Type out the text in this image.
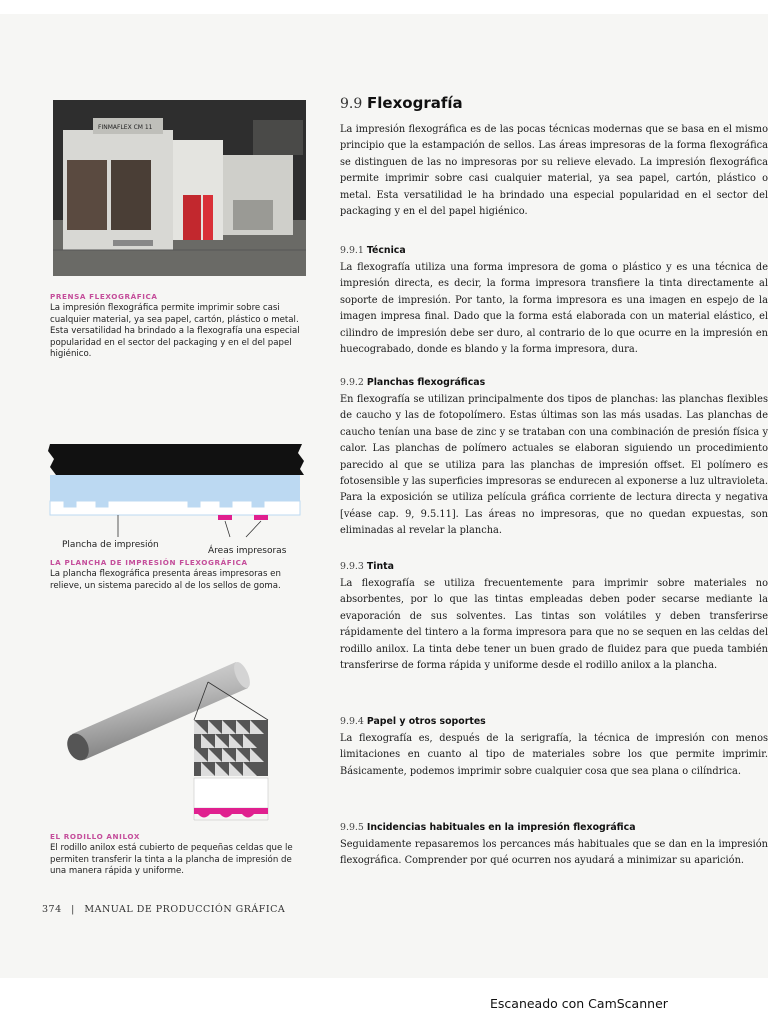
FINMAFLEX CM 11
PRENSA FLEXOGRÁFICA

La impresión flexográfica permite imprimir sobre casi cualquier material, ya sea papel, cartón, plástico o metal. Esta versatilidad ha brindado a la flexografía una especial popularidad en el sector del packaging y en el del papel higiénico.

Plancha de impresión
Áreas impresoras
LA PLANCHA DE IMPRESIÓN FLEXOGRÁFICA

La plancha flexográfica presenta áreas impresoras en relieve, un sistema parecido al de los sellos de goma.

EL RODILLO ANILOX

El rodillo anilox está cubierto de pequeñas celdas que le permiten transferir la tinta a la plancha de impresión de una manera rápida y uniforme.

9.9 Flexografía

La impresión flexográfica es de las pocas técnicas modernas que se basa en el mismo principio que la estampación de sellos. Las áreas impresoras de la forma flexográfica se distinguen de las no impresoras por su relieve elevado. La impresión flexográfica permite imprimir sobre casi cualquier material, ya sea papel, cartón, plástico o metal. Esta versatilidad le ha brindado una especial popularidad en el sector del packaging y en el del papel higiénico.

9.9.1 Técnica

La flexografía utiliza una forma impresora de goma o plástico y es una técnica de impresión directa, es decir, la forma impresora transfiere la tinta directamente al soporte de impresión. Por tanto, la forma impresora es una imagen en espejo de la imagen impresa final. Dado que la forma está elaborada con un material elástico, el cilindro de impresión debe ser duro, al contrario de lo que ocurre en la impresión en huecograbado, donde es blando y la forma impresora, dura.

9.9.2 Planchas flexográficas

En flexografía se utilizan principalmente dos tipos de planchas: las planchas flexibles de caucho y las de fotopolímero. Estas últimas son las más usadas. Las planchas de caucho tenían una base de zinc y se trataban con una combinación de presión física y calor. Las planchas de polímero actuales se elaboran siguiendo un procedimiento parecido al que se utiliza para las planchas de impresión offset. El polímero es fotosensible y las superficies impresoras se endurecen al exponerse a luz ultravioleta. Para la exposición se utiliza película gráfica corriente de lectura directa y negativa [véase cap. 9, 9.5.11]. Las áreas no impresoras, que no quedan expuestas, son eliminadas al revelar la plancha.

9.9.3 Tinta

La flexografía se utiliza frecuentemente para imprimir sobre materiales no absorbentes, por lo que las tintas empleadas deben poder secarse mediante la evaporación de sus solventes. Las tintas son volátiles y deben transferirse rápidamente del tintero a la forma impresora para que no se sequen en las celdas del rodillo anilox. La tinta debe tener un buen grado de fluidez para que pueda también transferirse de forma rápida y uniforme desde el rodillo anilox a la plancha.

9.9.4 Papel y otros soportes

La flexografía es, después de la serigrafía, la técnica de impresión con menos limitaciones en cuanto al tipo de materiales sobre los que permite imprimir. Básicamente, podemos imprimir sobre cualquier cosa que sea plana o cilíndrica.

9.9.5 Incidencias habituales en la impresión flexográfica

Seguidamente repasaremos los percances más habituales que se dan en la impresión flexográfica. Comprender por qué ocurren nos ayudará a minimizar su aparición.

374 | MANUAL DE PRODUCCIÓN GRÁFICA
Escaneado con CamScanner
